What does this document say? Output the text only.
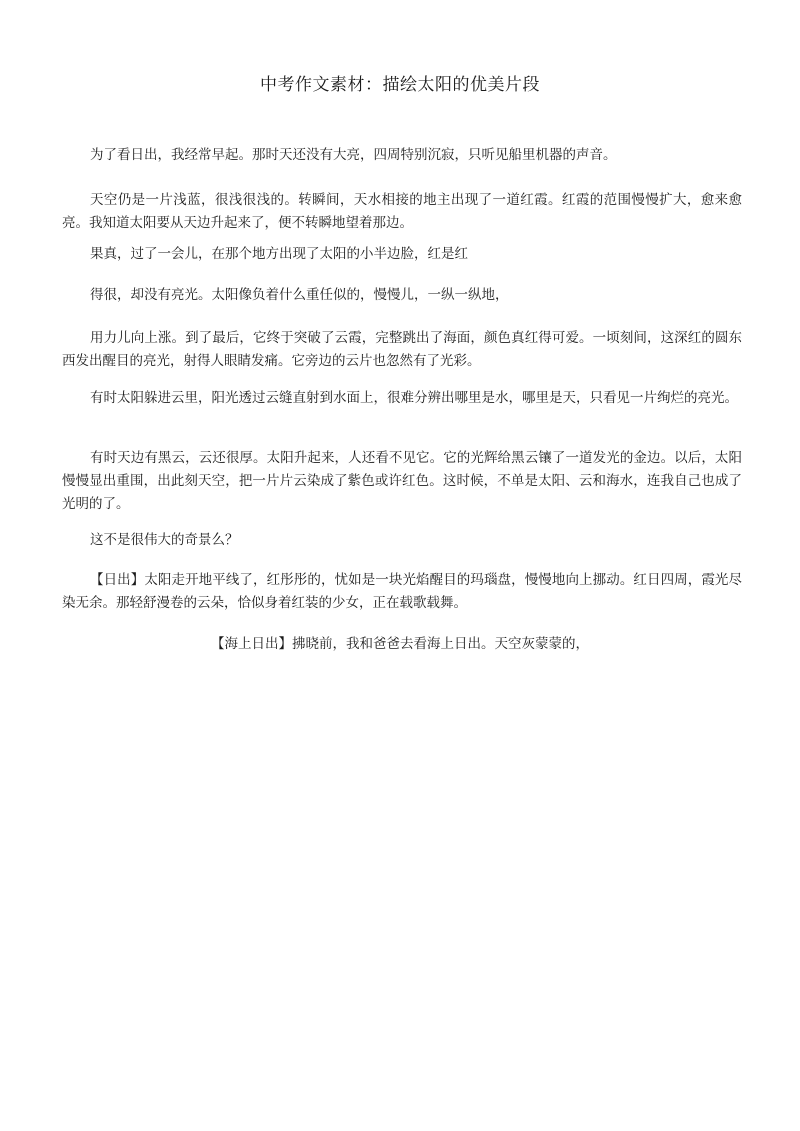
中考作文素材：描绘太阳的优美片段

为了看日出，我经常早起。那时天还没有大亮，四周特别沉寂，只听见船里机器的声音。

天空仍是一片浅蓝，很浅很浅的。转瞬间，天水相接的地主出现了一道红霞。红霞的范围慢慢扩大，愈来愈亮。我知道太阳要从天边升起来了，便不转瞬地望着那边。

果真，过了一会儿，在那个地方出现了太阳的小半边脸，红是红

得很，却没有亮光。太阳像负着什么重任似的，慢慢儿，一纵一纵地，

用力儿向上涨。到了最后，它终于突破了云霞，完整跳出了海面，颜色真红得可爱。一顷刻间，这深红的圆东西发出醒目的亮光，射得人眼睛发痛。它旁边的云片也忽然有了光彩。

有时太阳躲进云里，阳光透过云缝直射到水面上，很难分辨出哪里是水，哪里是天，只看见一片绚烂的亮光。

有时天边有黑云，云还很厚。太阳升起来，人还看不见它。它的光辉给黑云镶了一道发光的金边。以后，太阳慢慢显出重围，出此刻天空，把一片片云染成了紫色或许红色。这时候，不单是太阳、云和海水，连我自己也成了光明的了。

这不是很伟大的奇景么？

【日出】太阳走开地平线了，红彤彤的，忧如是一块光焰醒目的玛瑙盘，慢慢地向上挪动。红日四周，霞光尽染无余。那轻舒漫卷的云朵，恰似身着红装的少女，正在载歌载舞。

【海上日出】拂晓前，我和爸爸去看海上日出。天空灰蒙蒙的，
